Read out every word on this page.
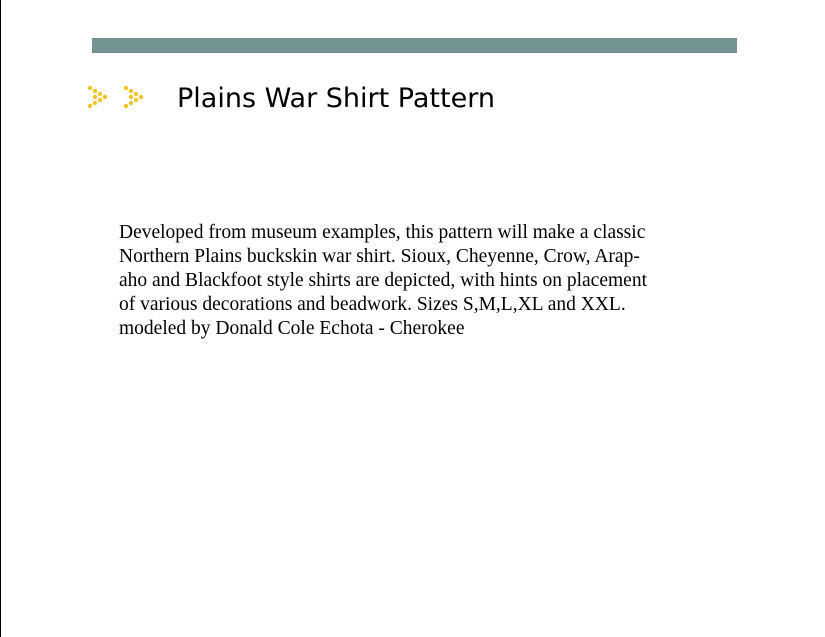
Plains War Shirt Pattern
Developed from museum examples, this pattern will make a classic
Northern Plains buckskin war shirt. Sioux, Cheyenne, Crow, Arap-
aho and Blackfoot style shirts are depicted, with hints on placement
of various decorations and beadwork. Sizes S,M,L,XL and XXL.
modeled by Donald Cole Echota - Cherokee
